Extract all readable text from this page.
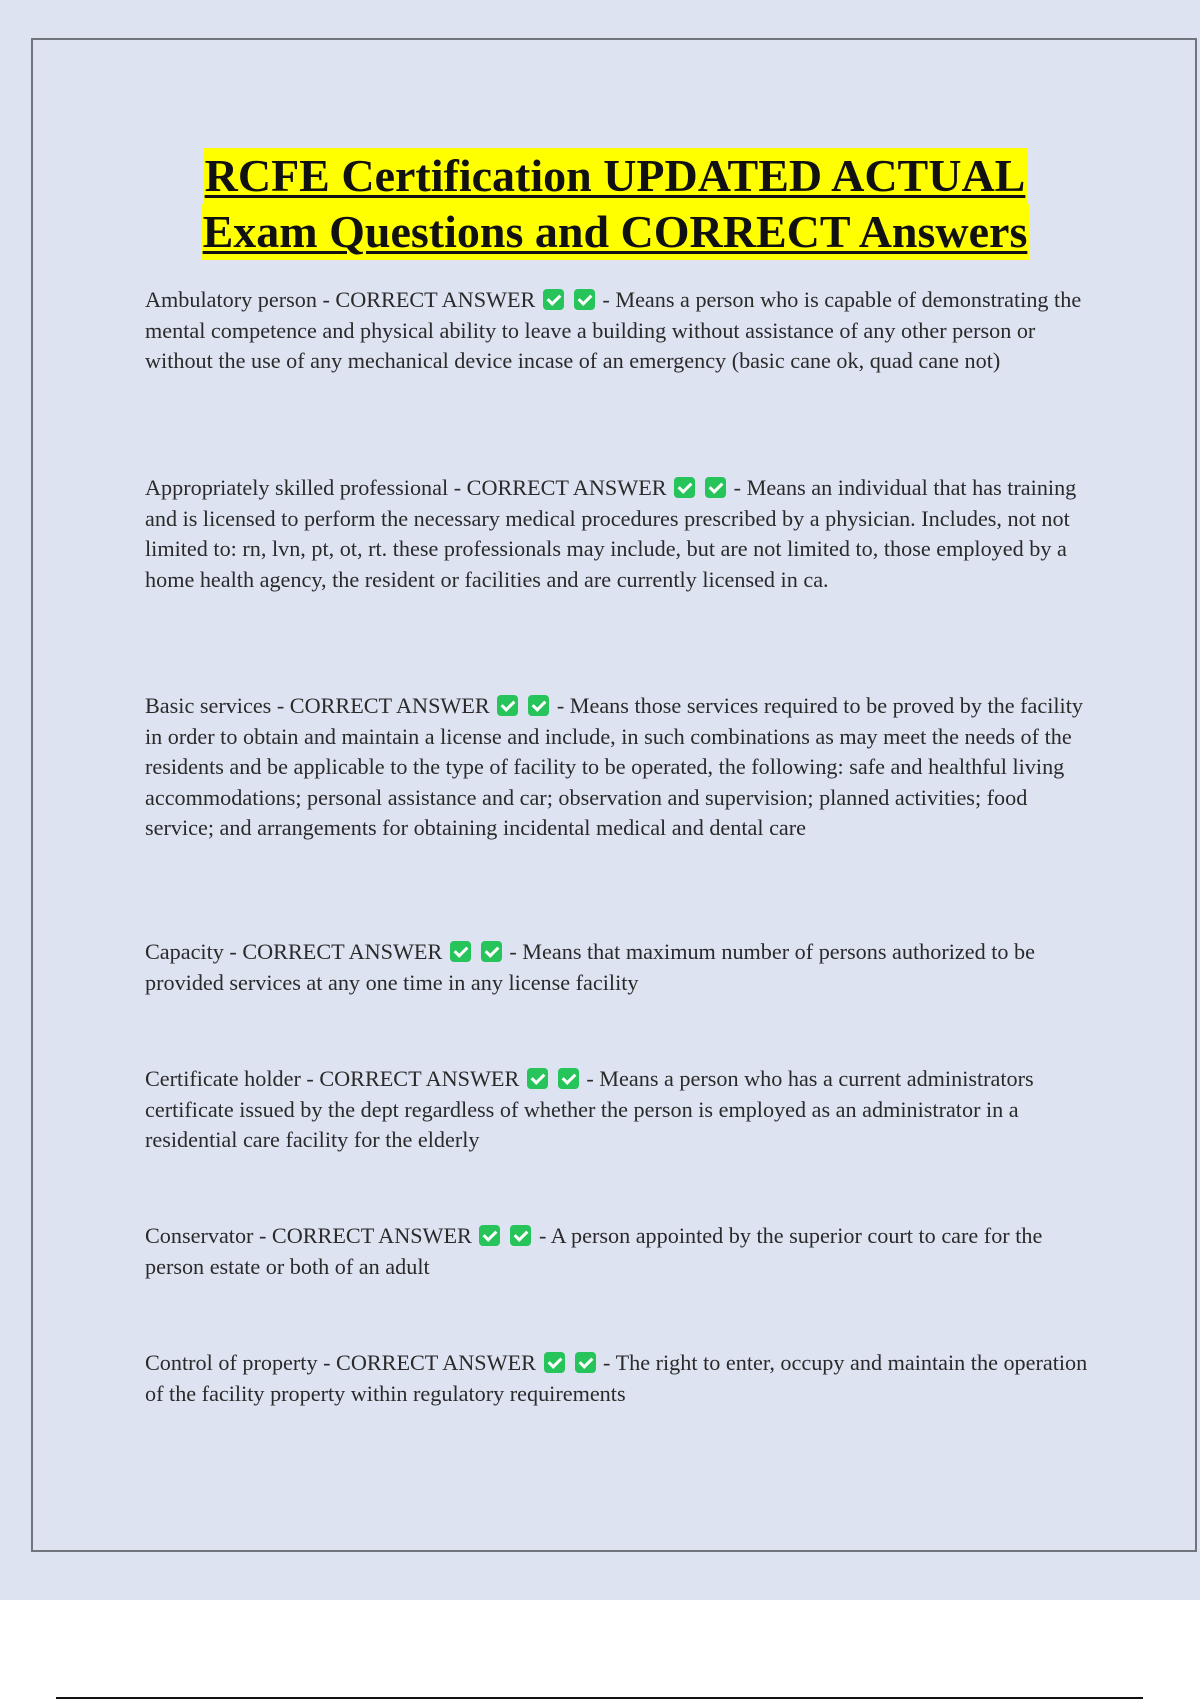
RCFE Certification UPDATED ACTUAL
Exam Questions and CORRECT Answers

Ambulatory person - CORRECT ANSWER	- Means a person who is capable of demonstrating the mental competence and physical ability to leave a building without assistance of any other person or without the use of any mechanical device incase of an emergency (basic cane ok, quad cane not)

Appropriately skilled professional - CORRECT ANSWER	- Means an individual that has training and is licensed to perform the necessary medical procedures prescribed by a physician. Includes, not not limited to: rn, lvn, pt, ot, rt. these professionals may include, but are not limited to, those employed by a home health agency, the resident or facilities and are currently licensed in ca.

Basic services - CORRECT ANSWER	- Means those services required to be proved by the facility in order to obtain and maintain a license and include, in such combinations as may meet the needs of the residents and be applicable to the type of facility to be operated, the following: safe and healthful living accommodations; personal assistance and car; observation and supervision; planned activities; food service; and arrangements for obtaining incidental medical and dental care

Capacity - CORRECT ANSWER	- Means that maximum number of persons authorized to be provided services at any one time in any license facility

Certificate holder - CORRECT ANSWER	- Means a person who has a current administrators certificate issued by the dept regardless of whether the person is employed as an administrator in a residential care facility for the elderly

Conservator - CORRECT ANSWER	- A person appointed by the superior court to care for the person estate or both of an adult

Control of property - CORRECT ANSWER	- The right to enter, occupy and maintain the operation of the facility property within regulatory requirements
